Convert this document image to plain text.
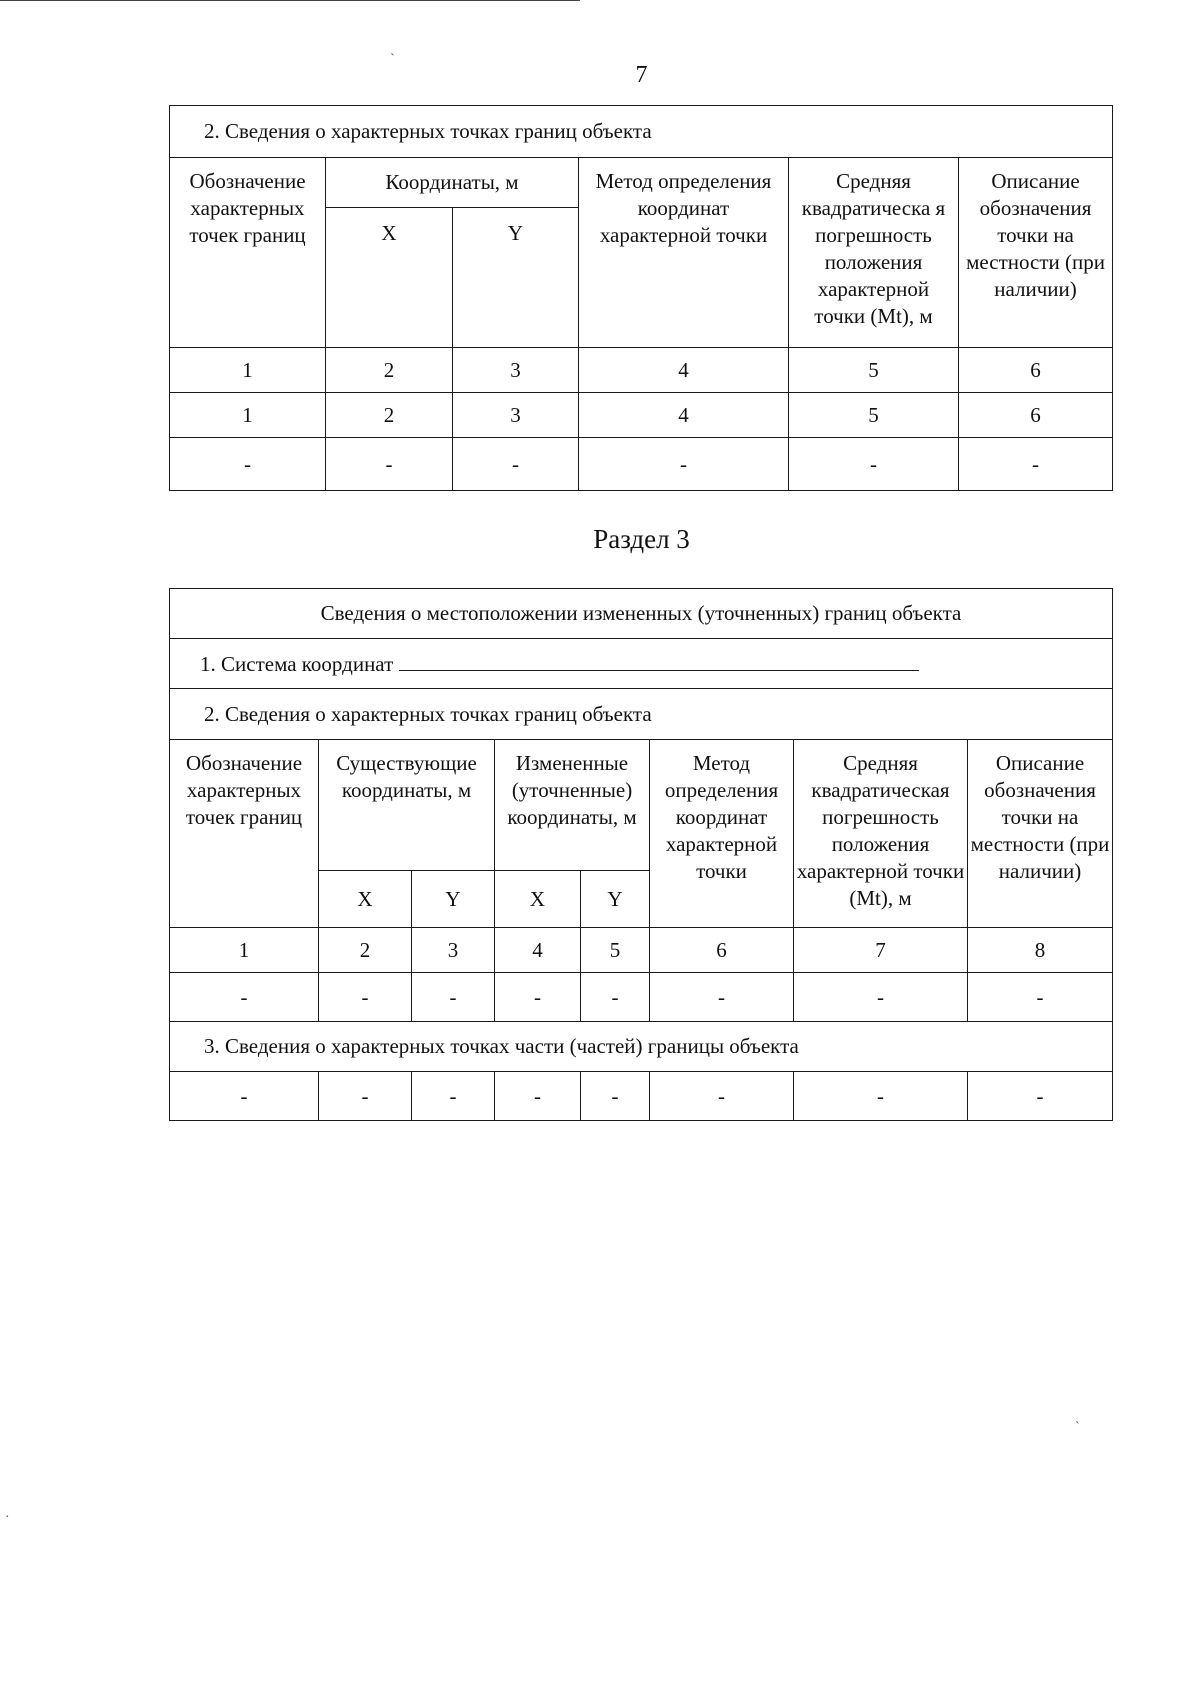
7
2. Сведения о характерных точках границ объекта					
Обозначение характерных точек границ	Координаты, м		Метод определения координат характерной точки	Средняя квадратическа я погрешность положения характерной точки (Mt), м	Описание обозначения точки на местности (при наличии)
	X	Y			
1	2	3	4	5	6
1	2	3	4	5	6
-	-	-	-	-	-
Раздел 3
Сведения о местоположении измененных (уточненных) границ объекта							
1. Система координат							
2. Сведения о характерных точках границ объекта							
Обозначение характерных точек границ	Существующие координаты, м		Измененные (уточненные) координаты, м		Метод определения координат характерной точки	Средняя квадратическая погрешность положения характерной точки (Mt), м	Описание обозначения точки на местности (при наличии)
	X	Y	X	Y			
1	2	3	4	5	6	7	8
-	-	-	-	-	-	-	-
3. Сведения о характерных точках части (частей) границы объекта							
-	-	-	-	-	-	-	-
`
`
·
